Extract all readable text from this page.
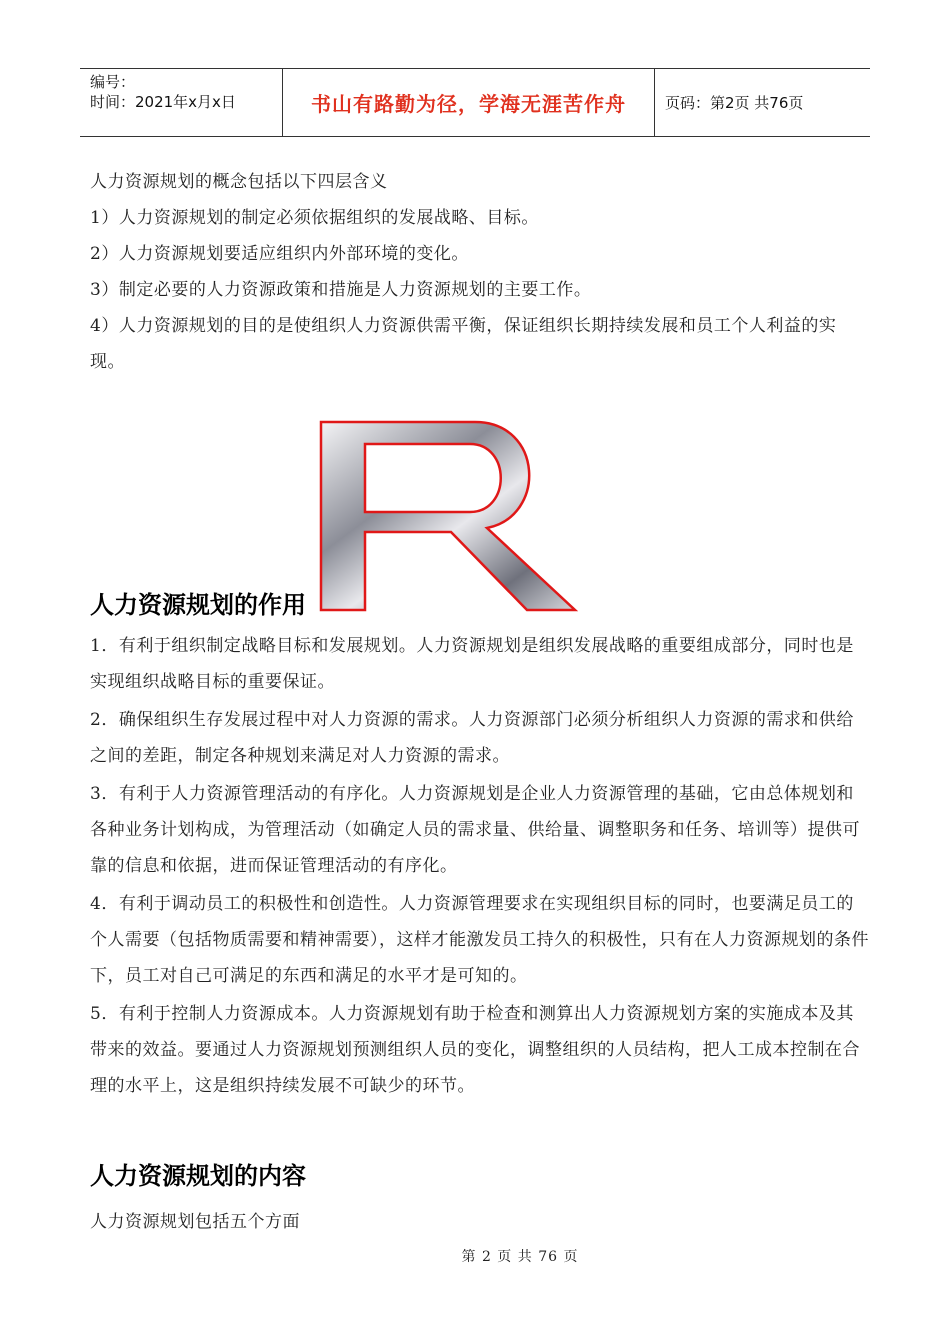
编号：
时间：2021年x月x日	书山有路勤为径，学海无涯苦作舟	页码：第2页 共76页
人力资源规划的概念包括以下四层含义
1）人力资源规划的制定必须依据组织的发展战略、目标。
2）人力资源规划要适应组织内外部环境的变化。
3）制定必要的人力资源政策和措施是人力资源规划的主要工作。
4）人力资源规划的目的是使组织人力资源供需平衡，保证组织长期持续发展和员工个人利益的实现。
人力资源规划的作用
1．有利于组织制定战略目标和发展规划。人力资源规划是组织发展战略的重要组成部分，同时也是实现组织战略目标的重要保证。
2．确保组织生存发展过程中对人力资源的需求。人力资源部门必须分析组织人力资源的需求和供给之间的差距，制定各种规划来满足对人力资源的需求。
3．有利于人力资源管理活动的有序化。人力资源规划是企业人力资源管理的基础，它由总体规划和各种业务计划构成，为管理活动（如确定人员的需求量、供给量、调整职务和任务、培训等）提供可靠的信息和依据，进而保证管理活动的有序化。
4．有利于调动员工的积极性和创造性。人力资源管理要求在实现组织目标的同时，也要满足员工的个人需要（包括物质需要和精神需要），这样才能激发员工持久的积极性，只有在人力资源规划的条件下，员工对自己可满足的东西和满足的水平才是可知的。
5．有利于控制人力资源成本。人力资源规划有助于检查和测算出人力资源规划方案的实施成本及其带来的效益。要通过人力资源规划预测组织人员的变化，调整组织的人员结构，把人工成本控制在合理的水平上，这是组织持续发展不可缺少的环节。
人力资源规划的内容
人力资源规划包括五个方面
第 2 页 共 76 页
